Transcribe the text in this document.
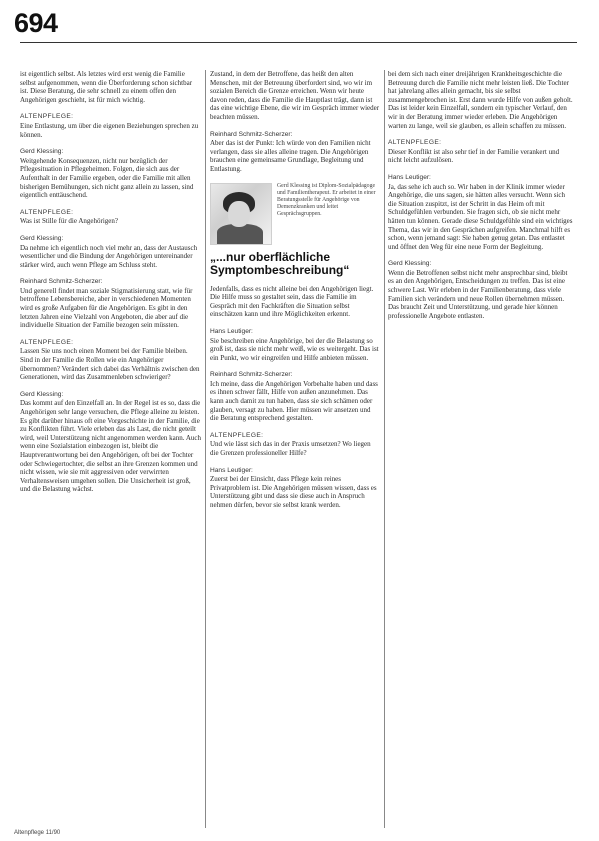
694
ist eigentlich selbst. Als letztes wird erst wenig die Familie selbst aufgenommen, wenn die Überforderung schon sichtbar ist. Diese Beratung, die sehr schnell zu einem offen den Angehörigen geschieht, ist für mich wichtig.
ALTENPFLEGE:
Eine Entlastung, um über die eigenen Beziehungen sprechen zu können.
Gerd Klessing:
Weitgehende Konsequenzen, nicht nur bezüglich der Pflegesituation in Pflegeheimen. Folgen, die sich aus der Aufenthalt in der Familie ergeben, oder die Familie mit allen bisherigen Bemühungen, sich nicht ganz allein zu lassen, sind eigentlich enttäuschend.
ALTENPFLEGE:
Was ist Stille für die Angehörigen?
Gerd Klessing:
Da nehme ich eigentlich noch viel mehr an, dass der Austausch wesentlicher und die Bindung der Angehörigen untereinander stärker wird, auch wenn Pflege am Schluss steht.
Reinhard Schmitz-Scherzer:
Und generell findet man soziale Stigmatisierung statt, wie für betroffene Lebensbereiche, aber in verschiedenen Momenten wird es große Aufgaben für die Angehörigen. Es gibt in den letzten Jahren eine Vielzahl von Angeboten, die aber auf die individuelle Situation der Familie bezogen sein müssten.
ALTENPFLEGE:
Lassen Sie uns noch einen Moment bei der Familie bleiben. Sind in der Familie die Rollen wie ein Angehöriger übernommen? Verändert sich dabei das Verhältnis zwischen den Generationen, wird das Zusammenleben schwieriger?
Gerd Klessing:
Das kommt auf den Einzelfall an. In der Regel ist es so, dass die Angehörigen sehr lange versuchen, die Pflege alleine zu leisten. Es gibt darüber hinaus oft eine Vorgeschichte in der Familie, die zu Konflikten führt. Viele erleben das als Last, die nicht geteilt wird, weil Unterstützung nicht angenommen werden kann. Auch wenn eine Sozialstation einbezogen ist, bleibt die Hauptverantwortung bei den Angehörigen, oft bei der Tochter oder Schwiegertochter, die selbst an ihre Grenzen kommen und nicht wissen, wie sie mit aggressiven oder verwirrten Verhaltensweisen umgehen sollen. Die Unsicherheit ist groß, und die Belastung wächst.
Zustand, in dem der Betroffene, das heißt den alten Menschen, mit der Betreuung überfordert sind, wo wir im sozialen Bereich die Grenze erreichen. Wenn wir heute davon reden, dass die Familie die Hauptlast trägt, dann ist das eine wichtige Ebene, die wir im Gespräch immer wieder beachten müssen.
Reinhard Schmitz-Scherzer:
Aber das ist der Punkt: Ich würde von den Familien nicht verlangen, dass sie alles alleine tragen. Die Angehörigen brauchen eine gemeinsame Grundlage, Begleitung und Entlastung.
Gerd Klessing ist Diplom-Sozialpädagoge und Familientherapeut. Er arbeitet in einer Beratungsstelle für Angehörige von Demenzkranken und leitet Gesprächsgruppen.
„...nur oberflächliche Symptombeschreibung“
Jedenfalls, dass es nicht alleine bei den Angehörigen liegt. Die Hilfe muss so gestaltet sein, dass die Familie im Gespräch mit den Fachkräften die Situation selbst einschätzen kann und ihre Möglichkeiten erkennt.
Hans Leutiger:
Sie beschreiben eine Angehörige, bei der die Belastung so groß ist, dass sie nicht mehr weiß, wie es weitergeht. Das ist ein Punkt, wo wir eingreifen und Hilfe anbieten müssen.
Reinhard Schmitz-Scherzer:
Ich meine, dass die Angehörigen Vorbehalte haben und dass es ihnen schwer fällt, Hilfe von außen anzunehmen. Das kann auch damit zu tun haben, dass sie sich schämen oder glauben, versagt zu haben. Hier müssen wir ansetzen und die Beratung entsprechend gestalten.
ALTENPFLEGE:
Und wie lässt sich das in der Praxis umsetzen? Wo liegen die Grenzen professioneller Hilfe?
Hans Leutiger:
Zuerst bei der Einsicht, dass Pflege kein reines Privatproblem ist. Die Angehörigen müssen wissen, dass es Unterstützung gibt und dass sie diese auch in Anspruch nehmen dürfen, bevor sie selbst krank werden.
bei dem sich nach einer dreijährigen Krankheitsgeschichte die Betreuung durch die Familie nicht mehr leisten ließ. Die Tochter hat jahrelang alles allein gemacht, bis sie selbst zusammengebrochen ist. Erst dann wurde Hilfe von außen geholt. Das ist leider kein Einzelfall, sondern ein typischer Verlauf, den wir in der Beratung immer wieder erleben. Die Angehörigen warten zu lange, weil sie glauben, es allein schaffen zu müssen.
ALTENPFLEGE:
Dieser Konflikt ist also sehr tief in der Familie verankert und nicht leicht aufzulösen.
Hans Leutiger:
Ja, das sehe ich auch so. Wir haben in der Klinik immer wieder Angehörige, die uns sagen, sie hätten alles versucht. Wenn sich die Situation zuspitzt, ist der Schritt in das Heim oft mit Schuldgefühlen verbunden. Sie fragen sich, ob sie nicht mehr hätten tun können. Gerade diese Schuldgefühle sind ein wichtiges Thema, das wir in den Gesprächen aufgreifen. Manchmal hilft es schon, wenn jemand sagt: Sie haben genug getan. Das entlastet und öffnet den Weg für eine neue Form der Begleitung.
Gerd Klessing:
Wenn die Betroffenen selbst nicht mehr ansprechbar sind, bleibt es an den Angehörigen, Entscheidungen zu treffen. Das ist eine schwere Last. Wir erleben in der Familienberatung, dass viele Familien sich verändern und neue Rollen übernehmen müssen. Das braucht Zeit und Unterstützung, und gerade hier können professionelle Angebote entlasten.
Altenpflege 11/90
